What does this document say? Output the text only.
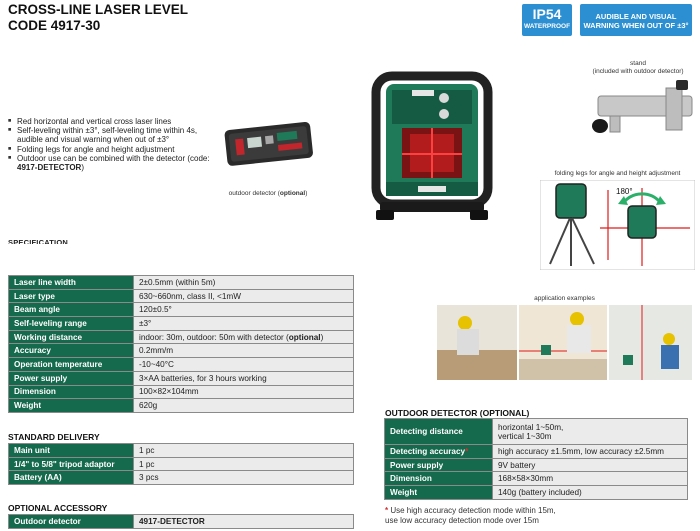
CROSS-LINE LASER LEVEL
CODE 4917-30
IP54
WATERPROOF
AUDIBLE AND VISUAL
WARNING WHEN OUT OF ±3°
■ Red horizontal and vertical cross laser lines
■ Self-leveling within ±3°, self-leveling time within 4s, audible and visual warning when out of ±3°
■ Folding legs for angle and height adjustment
■ Outdoor use can be combined with the detector (code: 4917-DETECTOR)
outdoor detector (optional)
stand
(included with outdoor detector)
folding legs for angle and height adjustment
180°
application examples
SPECIFICATION
Laser line width	2±0.5mm (within 5m)
Laser type	630~660nm, class II, <1mW
Beam angle	120±0.5°
Self-leveling range	±3°
Working distance	indoor: 30m, outdoor: 50m with detector (optional)
Accuracy	0.2mm/m
Operation temperature	-10~40°C
Power supply	3×AA batteries, for 3 hours working
Dimension	100×82×104mm
Weight	620g
STANDARD DELIVERY
Main unit	1 pc
1/4" to 5/8" tripod adaptor	1 pc
Battery (AA)	3 pcs
OPTIONAL ACCESSORY
Outdoor detector	4917-DETECTOR
OUTDOOR DETECTOR (OPTIONAL)
Detecting distance	horizontal 1~50m,
vertical 1~30m

Detecting accuracy*	high accuracy ±1.5mm, low accuracy ±2.5mm
Power supply	9V battery
Dimension	168×58×30mm
Weight	140g (battery included)
* Use high accuracy detection mode within 15m,
use low accuracy detection mode over 15m
